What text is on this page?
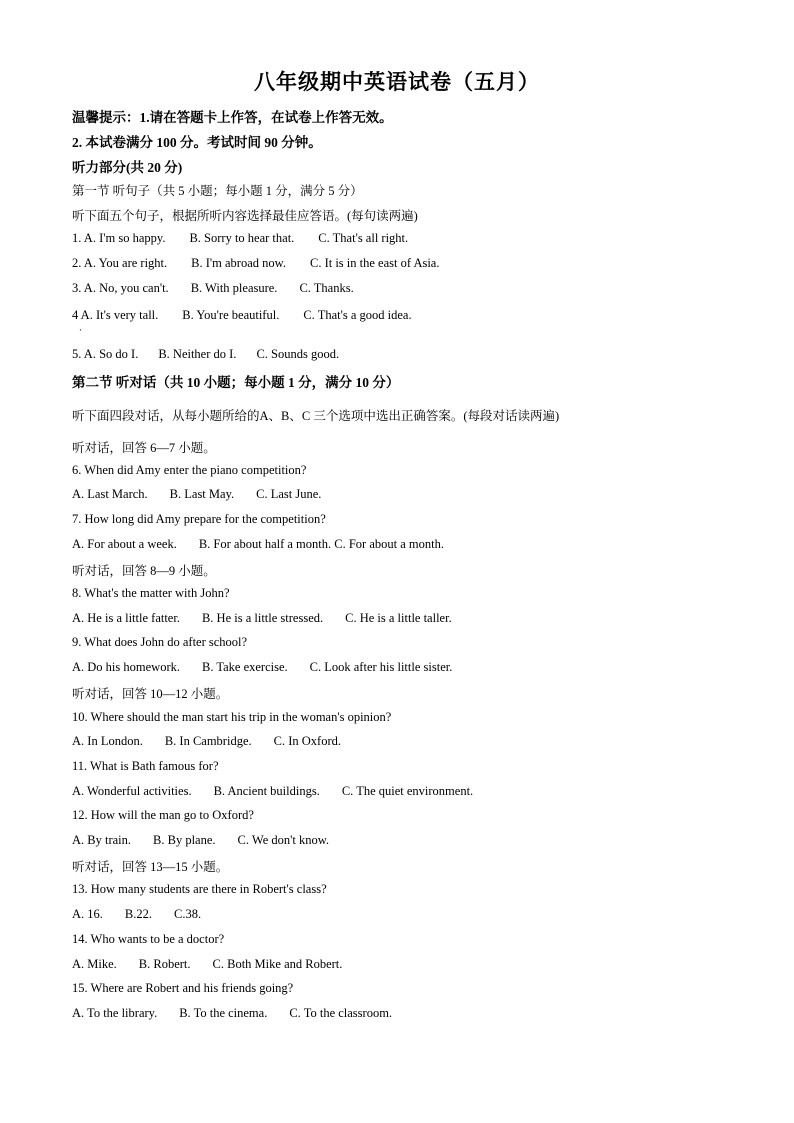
八年级期中英语试卷（五月）
温馨提示：1.请在答题卡上作答，在试卷上作答无效。
2. 本试卷满分 100 分。考试时间 90 分钟。
听力部分(共 20 分)
第一节 听句子（共 5 小题；每小题 1 分，满分 5 分）
听下面五个句子，根据所听内容选择最佳应答语。(每句读两遍)
1. A. I'm so happy. B. Sorry to hear that. C. That's all right.
2. A. You are right. B. I'm abroad now. C. It is in the east of Asia.
3. A. No, you can't. B. With pleasure. C. Thanks.
4 A. It's very tall. B. You're beautiful. C. That's a good idea.
·
5. A. So do I. B. Neither do I. C. Sounds good.
第二节 听对话（共 10 小题；每小题 1 分，满分 10 分）
听下面四段对话，从每小题所给的A、B、C 三个选项中选出正确答案。(每段对话读两遍)
听对话，回答 6—7 小题。
6. When did Amy enter the piano competition?
A. Last March. B. Last May. C. Last June.
7. How long did Amy prepare for the competition?
A. For about a week. B. For about half a month. C. For about a month.
听对话，回答 8—9 小题。
8. What's the matter with John?
A. He is a little fatter. B. He is a little stressed. C. He is a little taller.
9. What does John do after school?
A. Do his homework. B. Take exercise. C. Look after his little sister.
听对话，回答 10—12 小题。
10. Where should the man start his trip in the woman's opinion?
A. In London. B. In Cambridge. C. In Oxford.
11. What is Bath famous for?
A. Wonderful activities. B. Ancient buildings. C. The quiet environment.
12. How will the man go to Oxford?
A. By train. B. By plane. C. We don't know.
听对话，回答 13—15 小题。
13. How many students are there in Robert's class?
A. 16. B.22. C.38.
14. Who wants to be a doctor?
A. Mike. B. Robert. C. Both Mike and Robert.
15. Where are Robert and his friends going?
A. To the library. B. To the cinema. C. To the classroom.
